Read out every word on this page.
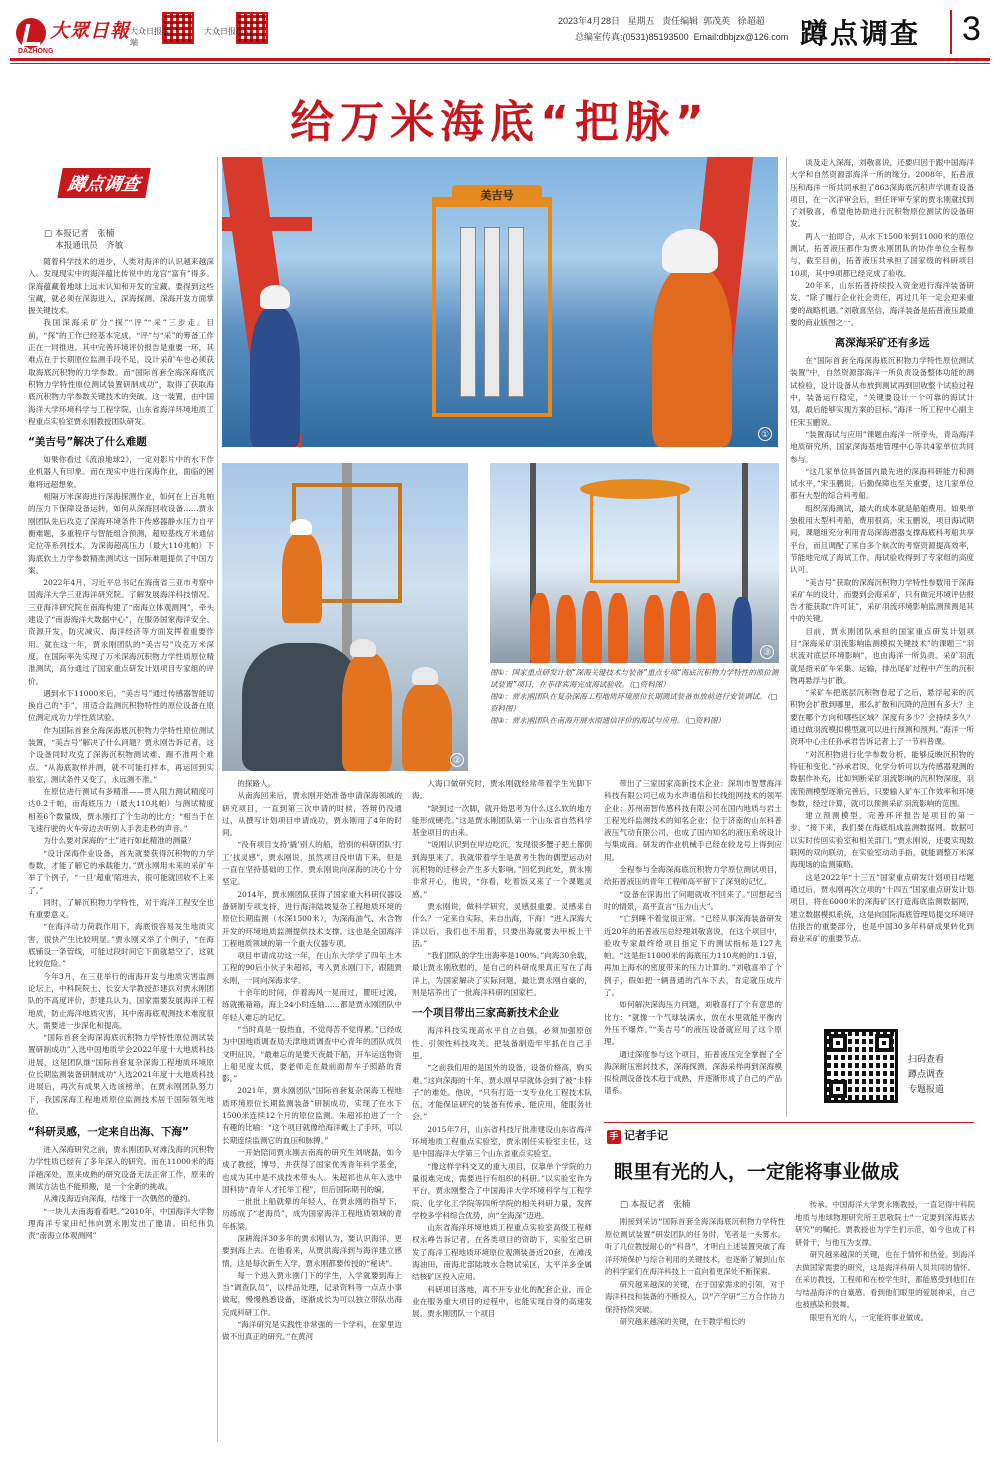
大眾日報
DAZHONG
大众日报客户端
大众日报微信
2023年4月28日 星期五 责任编辑 郭茂英 徐超超
总编室传真:(0531)85193500 Email:dbbjzx@126.com 蹲点调查	3
给万米海底“把脉”
蹲点调查
□ 本报记者　张楠
　 本报通讯员　齐敏
美吉号
①
②
③
图①：国家重点研发计划“深海关键技术与装备”重点专项“海底沉积物力学特性的原位测试装置”项目，在菲律宾海完成海试验收。（□资料图）
图②：贾永刚团队在复杂深海工程地质环境原位长期测试装备布放前进行安装调试。（□资料图）
图③：贾永刚团队在南海开展水雨通信评价的海试与应用。（□资料图）

随着科学技术的进步，人类对海洋的认识越来越深入。发现现实中的海洋蕴比传说中的龙宫“富有”得多。深海蕴藏着地球上远未认知和开发的宝藏。要得到这些宝藏，就必须在深海进入，深海探测、深海开发方面掌握关键技术。

我国深海采矿分“探”“评”“采”三步走。目前，“探”的工作已经基本完成，“评”与“采”的筹备工作正在一同推进。其中完善环境评价报告是重要一环，其难点在于长期原位监测手段不足，设计采矿车也必须获取海底沉积物的力学参数。而“国际首套全海深海底沉积物力学特性原位测试装置研制成功”，取得了获取海底沉积物力学参数关键技术的突破。这一装置，由中国海洋大学环境科学与工程学院、山东省海洋环境地质工程重点实验室贾永刚教授团队研发。

“美吉号”解决了什么难题

如果你看过《流浪地球2》，一定对影片中的水下作业机器人有印象。而在现实中进行深海作业，面临的困难将远超想象。

相隔万米深海进行深海探测作业，如何在上百兆帕的压力下保障设备运转，如何从深海回收设备……贾永刚团队先后攻克了深海环境条件下传感器静水压力自平衡难题，多重程序与智能组合预测，超短基线万米通信定位等系列技术，为深海超高压力（最大110兆帕）下海底软土力学参数精准测试这一国际难题提供了中国方案。

2022年4月，习近平总书记在海南省三亚市考察中国海洋大学三亚海洋研究院。了解发展海洋科技情况。三亚海洋研究院在南海构建了“南海立体观测网”，牵头建设了“南海海洋大数据中心”，在服务国家海洋安全、资源开发、防灾减灾、海洋经济等方面发挥着重要作用。就在这一年，贾永刚团队的“美吉号”攻克万米深度，在国际率先实现了万米深海沉积物力学性质原位精准测试，高分通过了国家重点研发计划项目专家组的评价。

遇到水下11000米后，“美吉号”通过传感器智能切换自己的“手”，用适合监测沉积物特性的原位设备在原位测定成功力学性质试验。

作为国际首套全海深海底沉积物力学特性原位测试装置，“美吉号”解决了什么问题？贾永刚告诉记者，这个设备同时攻克了深海沉积物测试难、踢不准两个难点。“从海底取样并测，就不可能打样本，再运回到实验室，测试条件又变了，永远测不准。”

在原位进行测试有多精准——贯入阻力测试精度可达0.2千帕，而海底压力（最大110兆帕）与测试精度相差6个数量级，贾永刚打了个生动的比方：“相当于在飞速行驶的火车旁边去听别人手表走秒的声音。”

为什么要对深海的“土”进行如此精准的测量？

“设计深海作业设备，首先就要获得沉积物的力学参数，才能了解它的承载能力。”贾永刚用未来的采矿车举了个例子，“一旦‘超重’陷进去，很可能就回收不上来了。”

同时，了解沉积物力学特性，对于海洋工程安全也有重要意义。

“在海洋动力荷载作用下，海底很容易发生地质灾害，很快产生比较明显。”贾永刚又举了个例子，“在海底铺设一条管线，可能过段时间它下面就悬空了，这就比较危险。”

今年3月，在三亚举行的南海开发与地质灾害监测论坛上，中科院院士、长安大学教授彭建兵对贾永刚团队的不高度评价，彭建兵认为，国家需要发展海洋工程地质，防止海洋地质灾害，其中南海底观测技术难度很大，需要进一步深化和提高。

“国际首套全海深海底沉积物力学特性原位测试装置研制成功”入选中国地质学会2022年度十大地质科技进展，这是团队继“国际首套复杂深海工程地质环境原位长期监测装备研制成功”入选2021年度十大地质科技进展后，再次有成果入选该榜单。在贾永刚团队努力下，我国深海工程地质原位监测技术居于国际领先地位。

“科研灵感，一定来自出海、下海”

进入深海研究之前，贾永刚团队对滩浅海的沉积物力学性质已经有了多年深入的研究。而在11000米的海洋趟深处，原来成熟的研究设备无法正常工作，原来的测试方法也不能照搬，是一个全新的挑战。

从滩浅海迈向深海，结缘于一次偶然的邀约。

“一块儿去南海看看吧。”2010年，中国海洋大学物理海洋专家田纪伟向贾永刚发出了邀请。田纪伟负责“南海立体观测网”

的探路人。

从南海回来后，贾永刚开始准备申请深海领域的研究项目，一直到第三次申请的时候，答辩仍没通过，从撰写计划项目申请成功，贾永刚用了4年的时间。

“没有项目支持‘撬’别人的船，给别的科研团队‘打工’找灵感”，贾永刚说，虽然项目没申请下来，但是一直在坚持基础的工作。贾永刚说向深海的决心十分坚定。

2014年，贾永刚团队获得了国家重大科研仪器设备研制专项支持，进行海洋陆坡复杂工程地质环境的原位长期监测（水深1500米），为深海油气、水合物开发的环境地质监测提供技术支撑。这也是全国海洋工程地质领域的第一个重大仪器专项。

项目申请成功这一年，在山东大学学了四年土木工程的90后小伙子朱超祁，考入贾永刚门下，跟随贾永刚，一同向深海求学。

十余年的时间，伴着海风一晃而过，瞿旺过渡，练就搬箱箱，海上24小时连轴……都是贾永刚团队中年轻人难忘的记忆。

“当时真是一股热血，不觉得苦不觉得累。”已经成为中国地质调查局天津地质调查中心青年的团队成员文明征说，“最难忘的是要天夜最下船，开车运送物资上船见度太低，要老师走在最前面帮车子照路的背影。”

2021年，贾永刚团队“国际首套复杂深海工程地质环境原位长期监测装备”研制成功，实现了在水下1500米连续12个月的原位监测。朱超祁拍进了一个有趣的比喻：“这个项目就像给海洋戴上了手环，可以长期连续监测它的血压和脉搏。”

一开始陪同贾永刚去南海的研究生刘晓磊，如今成了教授，博导，并获得了国家优秀青年科学基金，也成为其中是不成技术带头人。朱超祁也从年入选中国科协“青年人才托举工程”，但后国际期刊的编。

一批批上船就晕的年轻人，在贾永刚的指导下，历练成了“老海员”，成为国家海洋工程地质领域的青年栋梁。

深耕海洋30多年的贾永刚认为，要认识海洋，更要到海上去。在他看来，从贾洪海洋到与海洋建立感情，这是每次新生入学，贾永刚都要传授的“秘诀”。

每一个进入贾永刚门下的学生，入学就要到海上当“调查队员”，以样品处理，记录资料等一点点小事做起，慢慢熟悉设备，逐渐成长为可以独立带队出海完成科研工作。

“海洋研究是实践性非常强的一个学科，在家里边做不出真正的研究。”在黄河

入海口做研究时，贾永刚就经常带着学生光脚下海。

“缺到过一次脚，就开始思考为什么这么软的地方能形成硬壳。”这是贾永刚团队第一个山东省自然科学基金项目的由来。

“说刚认识到在岸边吃沉，发现很多蟹子把土都倒到海里来了。我就带着学生是黄考生物的偶塑运动对沉积物的迁移会产生多大影响。”回忆到此处，贾永刚非常开心，他说，“你看，吃着饭又来了一个课题灵感。”

贾永刚说，做科学研究，灵感很重要。灵感来自什么？一定来自实际，来自出海，下海！“进入深海大洋以后，我们也不用着，只要出海就要去甲板上干活。”

“我们团队的学生出海率是100%。”向海30余载，最让贾永刚欣慰的，是自己的科研成果真正写在了海洋上，为国家解决了实际问题，最让贾永刚自豪的，则是培养出了一批海洋科研的国家栏。

一个项目带出三家高新技术企业

海洋科技实现高水平自立自强，必须加强原创性、引领性科技攻关。把装备制造牢牢抓在自己手里。

“之前我们用的是国外的设备，设备价格高，购买难。”这向深海的十年，贾永刚早早就体会到了被“卡脖子”的难处。他说，“只有打造一支专业化工程技术队伍，才能保证研究的装备有传承、能应用，能服务社会。”

2015年7月，山东省科技厅批准建设山东省海洋环境地质工程重点实验室，贾永刚任实验室主任，这是中国海洋大学第三个山东省重点实验室。

“像这样学科交叉的重大项目，仅靠单个学院的力量很难完成，需要进行有组织的科研。”以实验室作为平台，贾永刚整合了中国海洋大学环境科学与工程学院、化学化工学院等四所学院的相关科研力量，发挥学校多学科综合优势，向“全海深”迈进。

山东省海洋环境地质工程重点实验室高级工程师权永峥告诉记者，在各类项目的资助下，实验室已研发了海洋工程地质环境原位观测装备近20套，在滩浅海油田，南海北部陆坡水合物试采区，太平洋多金属结核矿区投入应用。

科研项目落地，离不开专业化的配套企业。而企业在服务重大项目的过程中，也能实现自身的高速发展。贾永刚团队一个项目

带出了三家国家高新技术企业：深圳市智慧海洋科技有限公司已成为水声通信和长线组网技术的领军企业；苏州南智传感科技有限公司在国内地质与岩土工程光纤监测技术的知名企业；位于济南的山东科普液压气动有限公司，也成了国内知名的液压系统设计与集成商。研发的作业机械手已经在较龙号上得到应用。

全程参与全海深海底沉积物力学原位测试项目，给拓普液压的青年工程师高平留下了深刻的记忆。

“设备在深海出了问题就收不回来了。”回想起当时的情景，高平直言“压力山大”。

“亡到睡不着觉很正常。“已经从事深海装备研发近20年的拓普液压总经理刘敬喜说，在这个项目中，验收专家最终给项目指定下的测试指标是127兆帕。“这是拒11000米的海底压力110兆帕的1.1倍，再加上海水的密度带来的压力计算的。”刘敬喜举了个例子，假如把一辆普通的汽车下去，肯定就压成片了。

如何解决深海压力问题，刘敬喜打了个有意思的比方：“就像一个气球装满水，放在水里就能平衡内外压不爆炸。”“美吉号”的液压设备就应用了这个原理。

通过深度参与这个项目，拓普液压完全掌握了全海深耐压密封技术，深海探测，深海采样再到深海模拟检测设备技术趋于成熟，并逐渐形成了自己的产品谱系。

谈及走入深海，刘敬喜说，还要归因于跟中国海洋大学和自然资源部海洋一所的缘分。2008年，拓普液压和海洋一所共同承担了863深海底沉积声学调查设备项目，在一次洋审会后，担任评审专家的贾永刚就找到了刘敬喜，希望他协助进行沉积物原位测试的设备研发。

两人一拍即合，从水下1500米到11000米的原位测试，拓普液压都作为贾永刚团队的协作单位全程参与，截至目前，拓普液压共承担了国家级的科研项目10项，其中9项都已经完成了验收。

20年来，山东拓普持续投入资金进行海洋装备研发，“除了履行企业社会责任，再过几年一定会迎来重要的战略机遇。”刘敬喜坚信，海洋装备是拓普液压最重要的商业版图之一。

离深海采矿还有多远

在“国际首套全海深海底沉积物力学特性原位测试装置”中，自然资源部海洋一所负责设备整体功能的测试检验，设计设备从布放到测试再到回收整个试验过程中，装备运行稳定，“关键要设计一个可靠的海试计划，最后能够实现方案的目标。”海洋一所工程中心副主任宋玉鹏说。

“装置海试与应用”课题由海洋一所牵头，青岛海洋地质研究所、国家深海基地管理中心等共4家单位共同参与。

“这几家单位具备国内最先进的深海科研能力和测试水平，”宋玉鹏说，后勤保障也至关重要，这几家单位都有大型的综合科考船。

组织深海测试，最大的成本就是船舶费用。如果单独租用大型科考船，费用很高，宋玉鹏说，项目海试期间，课题组充分利用青岛深海潜器支撑海底科考船共享平台，而且调配了来自多个航次的考察资源提高效率，节能地完成了海试工作，海试验收得到了专家组的高度认可。

“美吉号”获取的深海沉积物力学特性参数用于深海采矿车的设计，而要到会海采矿，只有做完环境评估报告才能获取“许可证”，采矿羽流环境影响监测预测是其中的关键。

目前，贾永刚团队承担的国家重点研发计划项目“深海采矿羽流影响监测模拟关键技术”的课题三“羽状流对底层环境影响”，也由海洋一所负责。采矿羽流就是指采矿车采集、运输，排出尾矿过程中产生的沉积物再悬浮与扩散。

“采矿车把底层沉积物卷起了之后，悬浮起来的沉积物会扩散到哪里，那么扩散和沉降的范围有多大？主要在哪个方向和哪些区域？深度有多少？会持续多久？通过做羽流模拟模型就可以进行预测和预判。”海洋一所资环中心主任孙承君告诉记者上了一节科普课。

“对沉积物进行化学参数分析，能够反映沉积物的特征和变化。”孙承君说，化学分析可以为传感器观测的数据作补充，比如判断采矿羽流影响的沉积物深度，羽流预测模型逐渐完善后，只要输入矿车工作效率和环境参数，经过计算，就可以预测采矿羽流影响的范围。

建立预测模型，完善环评报告是项目的第一步，“接下来，我们要在海底组成监测数据网。数据可以实时传回实验室和相关部门。”贾永刚说，还要实现数联网的双向联动，在实验室动动手指，就能调整万米深海现场的监测策略。

这是2022年“十三五”国家重点研发计划项目结题通过后，贾永刚再次立项的“十四五”国家重点研发计划项目，将在6000米的深海矿区打造海底监测数据网，建立数据模拟系统，这是向国际海底管理局提交环境评估报告的重要部分，也是中国30多年科研成果转化到商业采矿的重要节点。

扫码查看
蹲点调查
专题报道
手 记者手记
眼里有光的人，一定能将事业做成
□ 本报记者　张楠

刚接到采访“国际首套全海深海底沉积物力学特性原位测试装置”研发团队的任务时，笔者是一头雾水。听了几位教授耐心的“科普”，才明白上述装置突破了海洋环境保护与综合利用的关键技术，也逐渐了解到山东的科学家们在海洋科技上一直向着更深处不断探索。

研究越来越深的关键，在于国家需求的引领，对于海洋科技和装备的不断投入，以“产学研”三方合作协力保持持续突破。

研究越来越深的关键，在于教学相长的

传承。中国海洋大学贾永刚教授，一直记得中科院地质与地球物理研究所王思敬院士“一定要到深海底去研究”的嘱托。贾教授也为学生们示范，如今也成了科研骨干，与他互为支撑。

研究越来越深的关键，也在于情怀和热爱。到海洋去做国家需要的研究，这是海洋科研人员共同的情怀。在采访教授，工程师和在校学生时，都能感受到他们在与结晶海洋的自豪感。看到他们眼里的爱展神采，自己也被感染和鼓舞。

眼里有光的人，一定能将事业做成。
